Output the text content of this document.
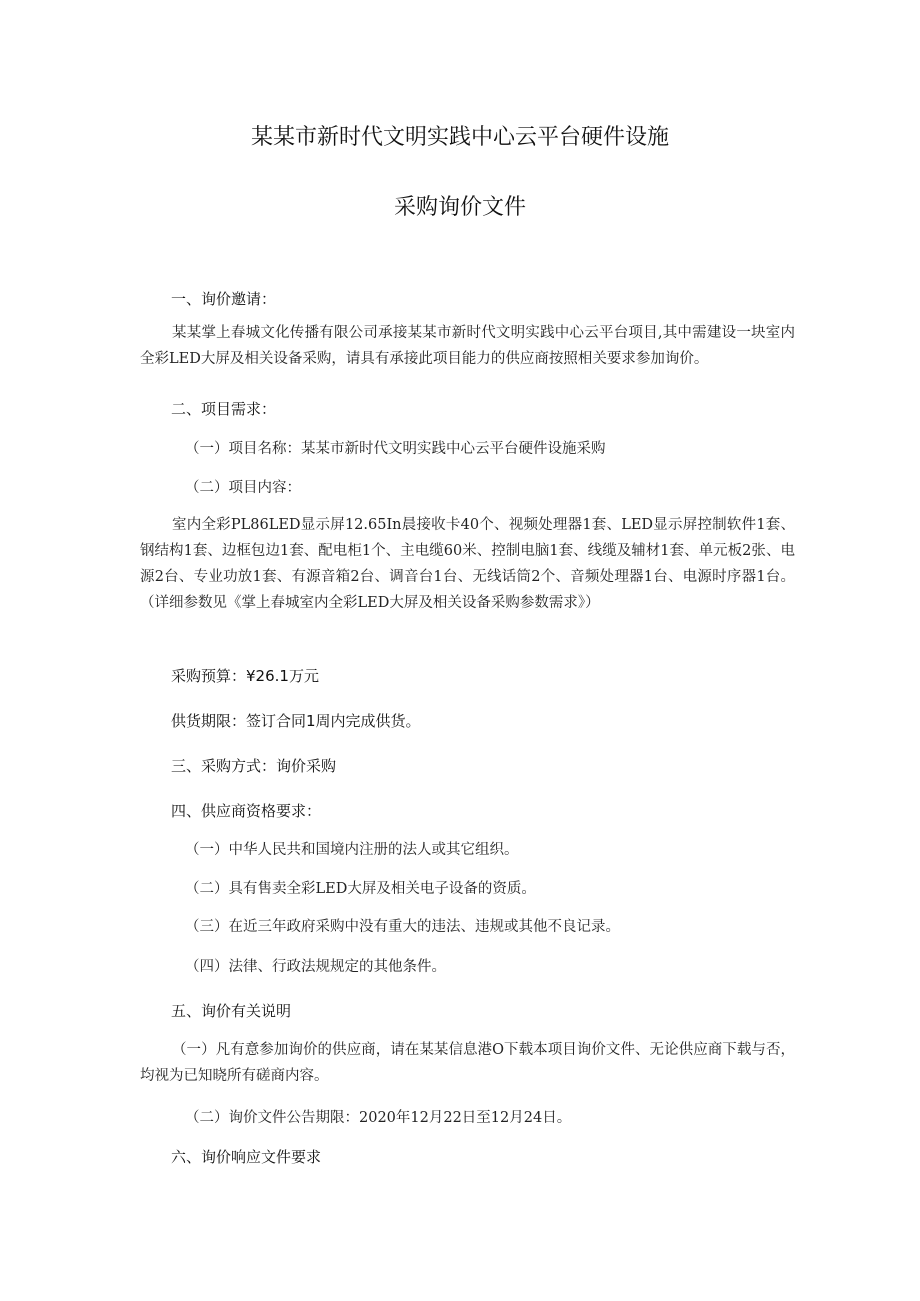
某某市新时代文明实践中心云平台硬件设施
采购询价文件
一、询价邀请：
某某掌上春城文化传播有限公司承接某某市新时代文明实践中心云平台项目,其中需建设一块室内全彩LED大屏及相关设备采购，请具有承接此项目能力的供应商按照相关要求参加询价。
二、项目需求：
（一）项目名称：某某市新时代文明实践中心云平台硬件设施采购
（二）项目内容：
室内全彩PL86LED显示屏12.65In晨接收卡40个、视频处理器1套、LED显示屏控制软件1套、钢结构1套、边框包边1套、配电柜1个、主电缆60米、控制电脑1套、线缆及辅材1套、单元板2张、电源2台、专业功放1套、有源音箱2台、调音台1台、无线话筒2个、音频处理器1台、电源时序器1台。（详细参数见《掌上春城室内全彩LED大屏及相关设备采购参数需求》）
采购预算：¥26.1万元
供货期限：签订合同1周内完成供货。
三、采购方式：询价采购
四、供应商资格要求：
（一）中华人民共和国境内注册的法人或其它组织。
（二）具有售卖全彩LED大屏及相关电子设备的资质。
（三）在近三年政府采购中没有重大的违法、违规或其他不良记录。
（四）法律、行政法规规定的其他条件。
五、询价有关说明
（一）凡有意参加询价的供应商，请在某某信息港O下载本项目询价文件、无论供应商下载与否，均视为已知晓所有磋商内容。
（二）询价文件公告期限：2020年12月22日至12月24日。
六、询价响应文件要求
